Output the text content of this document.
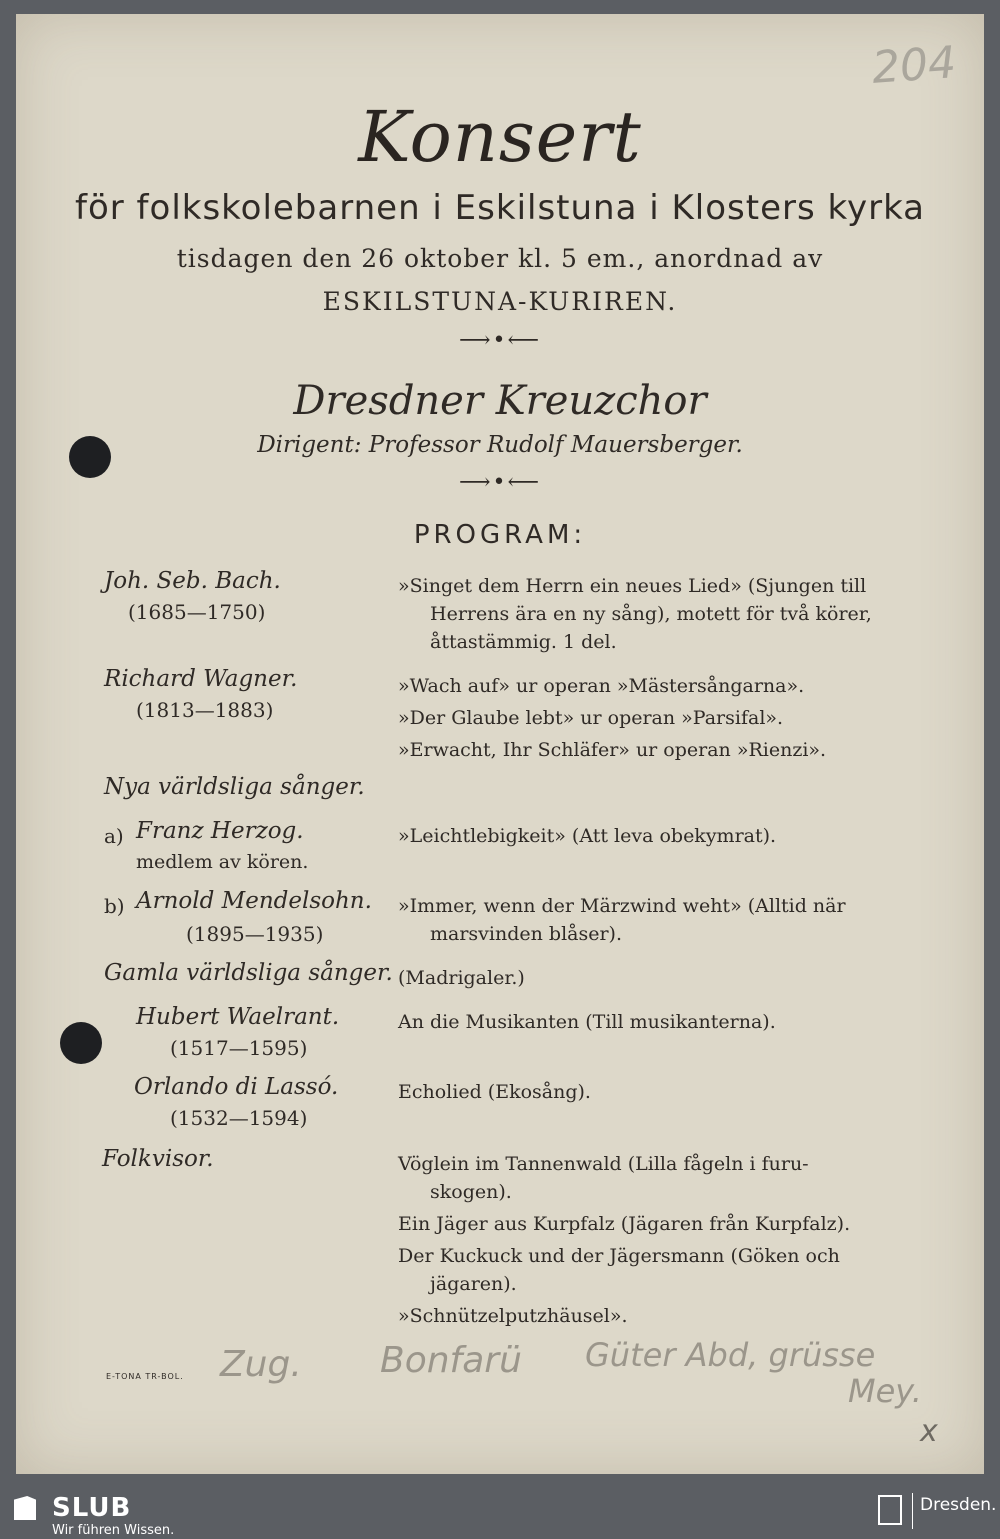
204
Konsert
för folkskolebarnen i Eskilstuna i Klosters kyrka
tisdagen den 26 oktober kl. 5 em., anordnad av
ESKILSTUNA-KURIREN.
⟶•⟵
Dresdner Kreuzchor
Dirigent: Professor Rudolf Mauersberger.
⟶•⟵
PROGRAM:
Joh. Seb. Bach.
(1685—1750)
»Singet dem Herrn ein neues Lied» (Sjungen till
Herrens ära en ny sång), motett för två körer,
åttastämmig. 1 del.
Richard Wagner.
(1813—1883)
»Wach auf» ur operan »Mästersångarna».
»Der Glaube lebt» ur operan »Parsifal».
»Erwacht, Ihr Schläfer» ur operan »Rienzi».
Nya världsliga sånger.
a) Franz Herzog.
medlem av kören.
»Leichtlebigkeit» (Att leva obekymrat).
b) Arnold Mendelsohn.
(1895—1935)
»Immer, wenn der Märzwind weht» (Alltid när
marsvinden blåser).
Gamla världsliga sånger. (Madrigaler.)
Hubert Waelrant.
(1517—1595)
An die Musikanten (Till musikanterna).
Orlando di Lassó.
(1532—1594)
Echolied (Ekosång).
Folkvisor.	Vöglein im Tannenwald (Lilla fågeln i furu-
skogen).
Ein Jäger aus Kurpfalz (Jägaren från Kurpfalz).
Der Kuckuck und der Jägersmann (Göken och
jägaren).
»Schnützelputzhäusel».
E-TONA TR-BOL. Zug. Bonfarü Güter Abd, grüsse
Mey.
x
SLUB
Wir führen Wissen.
Dresden.
